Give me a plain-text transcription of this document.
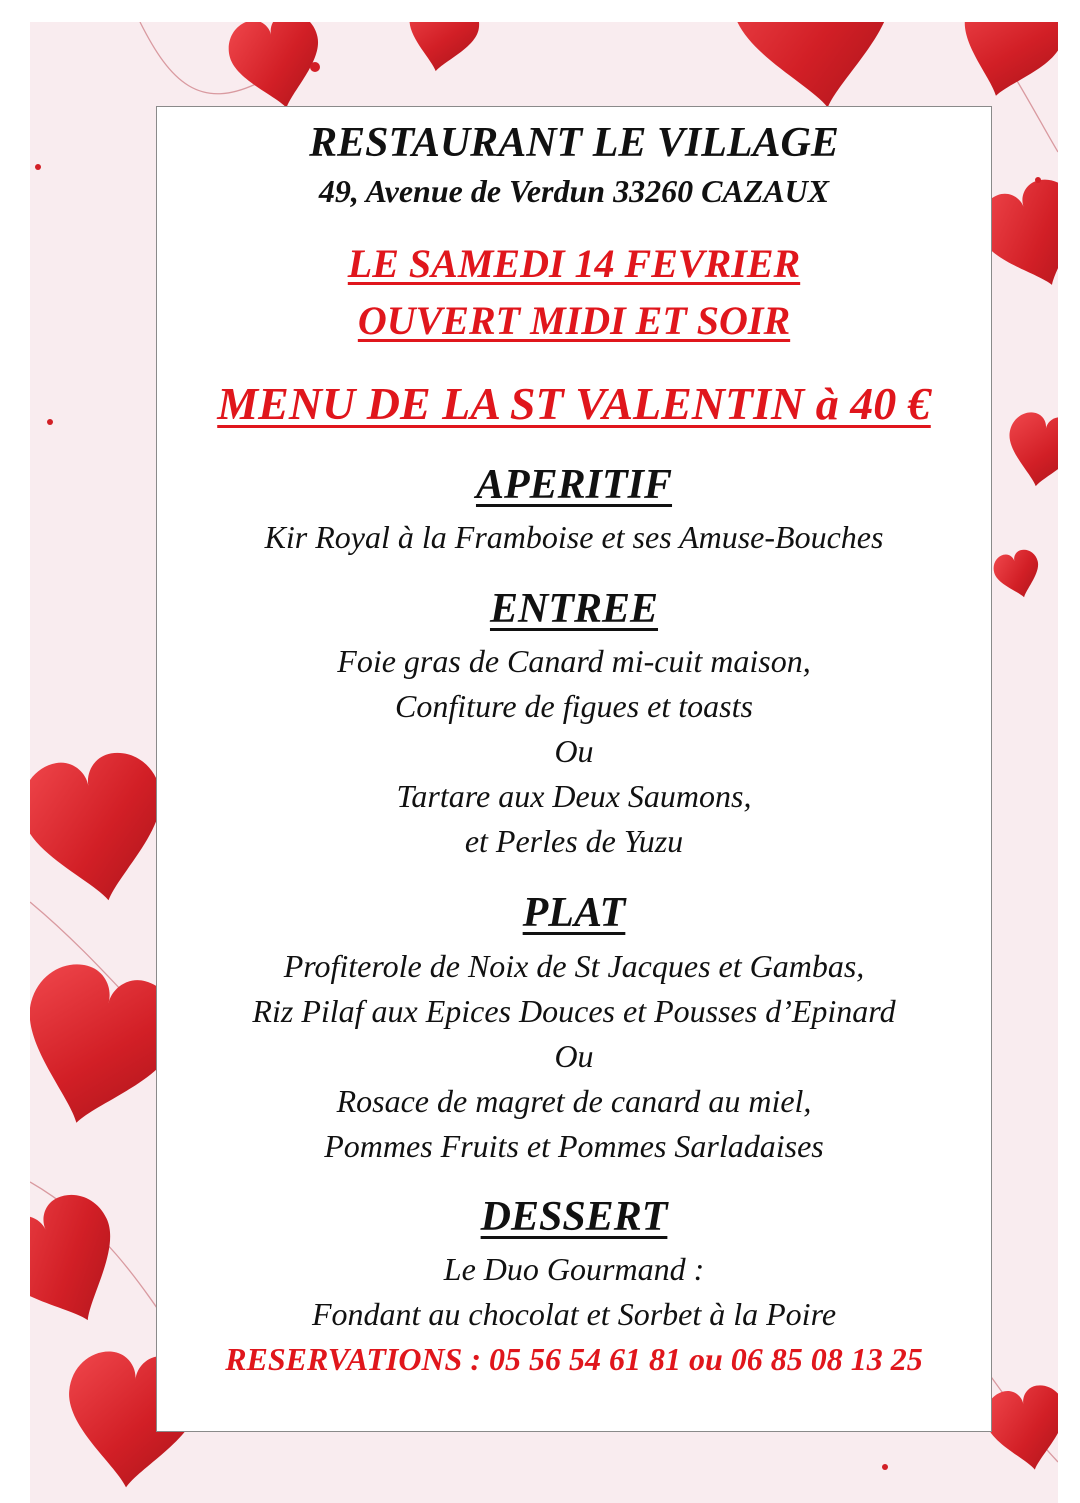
RESTAURANT LE VILLAGE
49, Avenue de Verdun 33260 CAZAUX
LE SAMEDI 14 FEVRIER
OUVERT MIDI ET SOIR
MENU DE LA ST VALENTIN à 40 €
APERITIF
Kir Royal à la Framboise et ses Amuse-Bouches
ENTREE
Foie gras de Canard mi-cuit maison,
Confiture de figues et toasts
Ou
Tartare aux Deux Saumons,
et Perles de Yuzu
PLAT
Profiterole de Noix de St Jacques et Gambas,
Riz Pilaf aux Epices Douces et Pousses d’Epinard
Ou
Rosace de magret de canard au miel,
Pommes Fruits et Pommes Sarladaises
DESSERT
Le Duo Gourmand :
Fondant au chocolat et Sorbet à la Poire
RESERVATIONS : 05 56 54 61 81 ou 06 85 08 13 25
